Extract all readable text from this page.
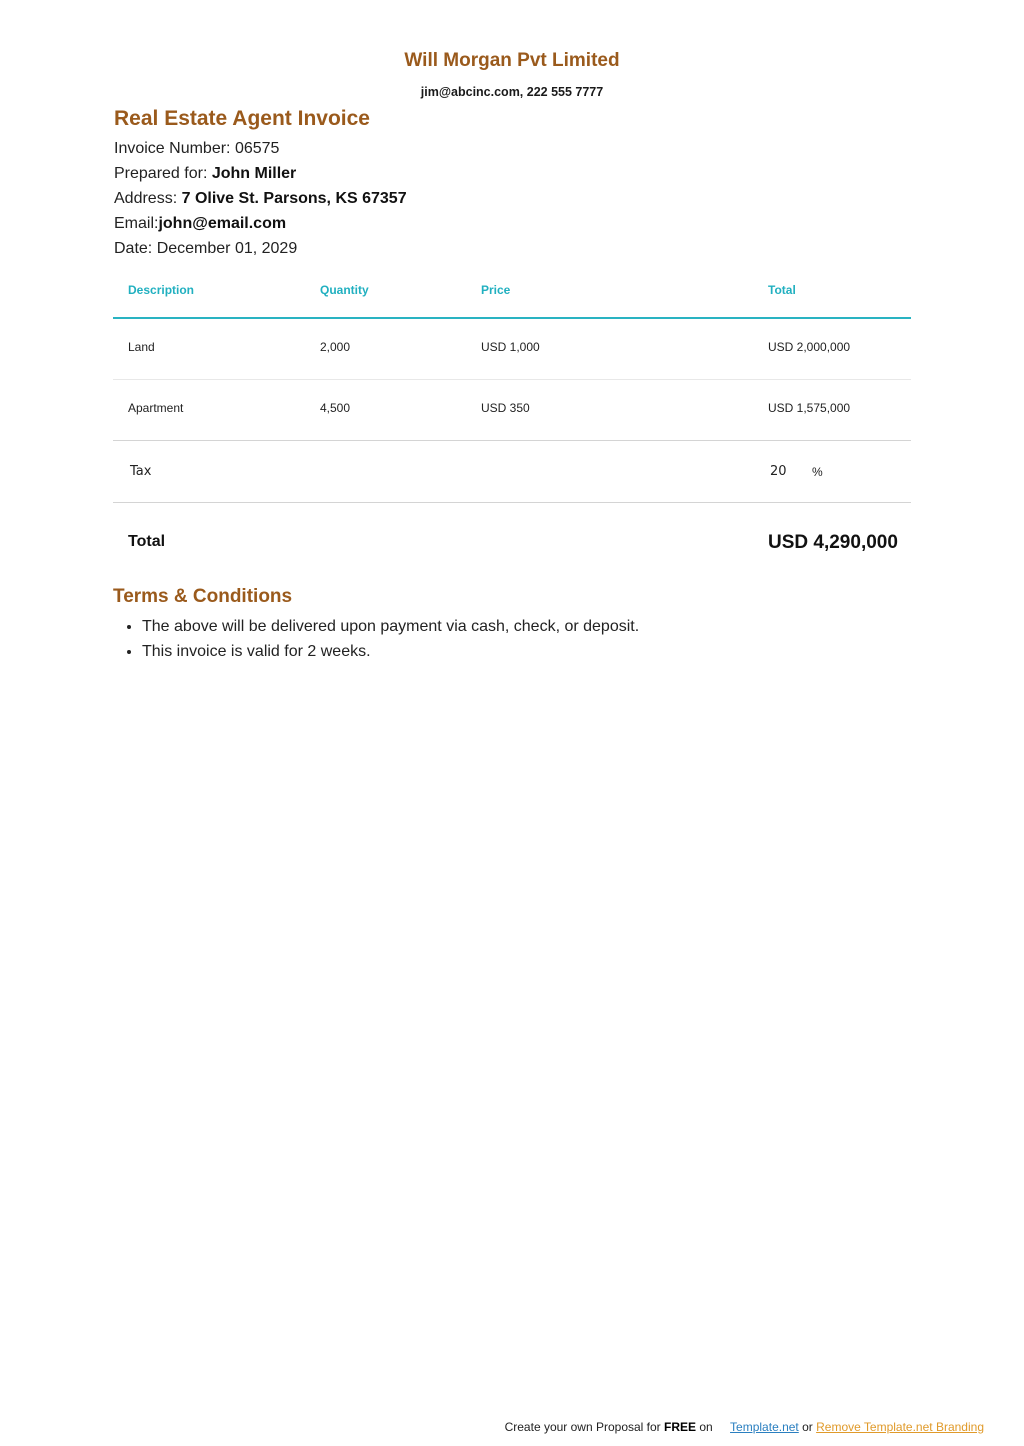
Will Morgan Pvt Limited
jim@abcinc.com, 222 555 7777
Real Estate Agent Invoice
Invoice Number: 06575
Prepared for: John Miller
Address: 7 Olive St. Parsons, KS 67357
Email:john@email.com
Date: December 01, 2029
Description	Quantity	Price	Total
Land	2,000	USD 1,000	USD 2,000,000
Apartment	4,500	USD 350	USD 1,575,000
Tax	20 %
Total	USD 4,290,000
Terms & Conditions
• The above will be delivered upon payment via cash, check, or deposit.
• This invoice is valid for 2 weeks.
Create your own Proposal for FREE on Template.net or Remove Template.net Branding
